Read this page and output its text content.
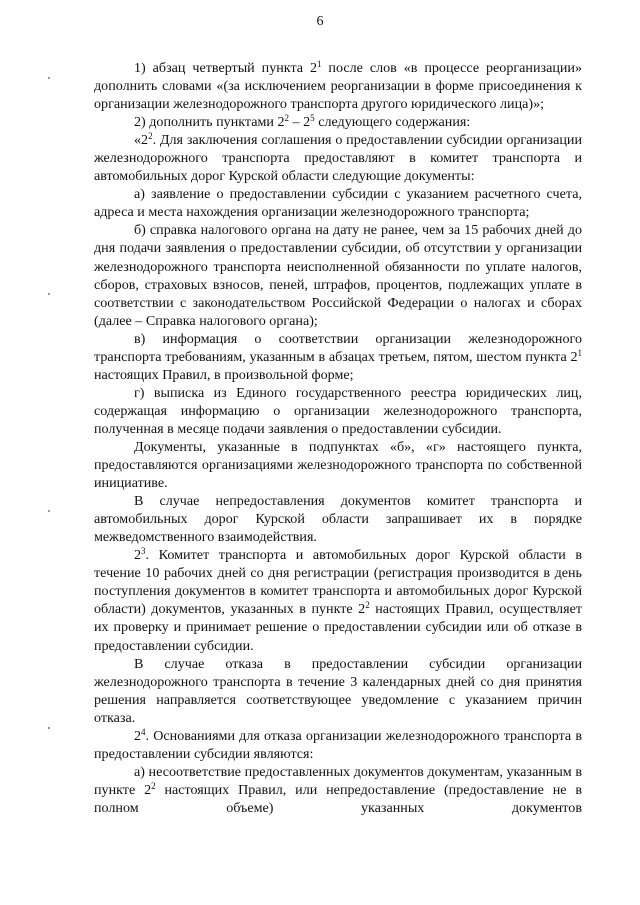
6

1) абзац четвертый пункта $2^1$ после слов «в процессе реорганизации» дополнить словами «(за исключением реорганизации в форме присоединения к организации железнодорожного транспорта другого юридического лица)»;

2) дополнить пунктами $2^2 - 2^5$ следующего содержания:

«$2^2$. Для заключения соглашения о предоставлении субсидии организации железнодорожного транспорта предоставляют в комитет транспорта и автомобильных дорог Курской области следующие документы:

а) заявление о предоставлении субсидии с указанием расчетного счета, адреса и места нахождения организации железнодорожного транспорта;

б) справка налогового органа на дату не ранее, чем за 15 рабочих дней до дня подачи заявления о предоставлении субсидии, об отсутствии у организации железнодорожного транспорта неисполненной обязанности по уплате налогов, сборов, страховых взносов, пеней, штрафов, процентов, подлежащих уплате в соответствии с законодательством Российской Федерации о налогах и сборах (далее – Справка налогового органа);

в) информация о соответствии организации железнодорожного транспорта требованиям, указанным в абзацах третьем, пятом, шестом пункта $2^1$ настоящих Правил, в произвольной форме;

г) выписка из Единого государственного реестра юридических лиц, содержащая информацию о организации железнодорожного транспорта, полученная в месяце подачи заявления о предоставлении субсидии.

Документы, указанные в подпунктах «б», «г» настоящего пункта, предоставляются организациями железнодорожного транспорта по собственной инициативе.

В случае непредоставления документов комитет транспорта и автомобильных дорог Курской области запрашивает их в порядке межведомственного взаимодействия.

$2^3$. Комитет транспорта и автомобильных дорог Курской области в течение 10 рабочих дней со дня регистрации (регистрация производится в день поступления документов в комитет транспорта и автомобильных дорог Курской области) документов, указанных в пункте $2^2$ настоящих Правил, осуществляет их проверку и принимает решение о предоставлении субсидии или об отказе в предоставлении субсидии.

В случае отказа в предоставлении субсидии организации железнодорожного транспорта в течение 3 календарных дней со дня принятия решения направляется соответствующее уведомление с указанием причин отказа.

$2^4$. Основаниями для отказа организации железнодорожного транспорта в предоставлении субсидии являются:

а) несоответствие предоставленных документов документам, указанным в пункте $2^2$ настоящих Правил, или непредоставление (предоставление не в полном объеме) указанных документов
